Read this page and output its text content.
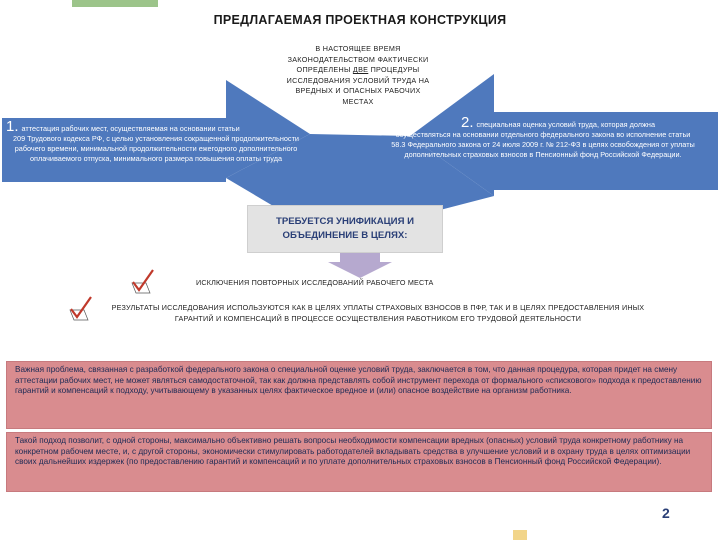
ПРЕДЛАГАЕМАЯ ПРОЕКТНАЯ КОНСТРУКЦИЯ
В НАСТОЯЩЕЕ ВРЕМЯ
ЗАКОНОДАТЕЛЬСТВОМ ФАКТИЧЕСКИ
ОПРЕДЕЛЕНЫ ДВЕ ПРОЦЕДУРЫ
ИССЛЕДОВАНИЯ УСЛОВИЙ ТРУДА НА
ВРЕДНЫХ И ОПАСНЫХ РАБОЧИХ
МЕСТАХ
1. аттестация рабочих мест, осуществляемая на основании статьи
209 Трудового кодекса РФ, с целью установления сокращенной продолжительности рабочего времени, минимальной продолжительности ежегодного дополнительного оплачиваемого отпуска, минимального размера повышения оплаты труда
2. специальная оценка условий труда, которая должна
осуществляться на основании отдельного федерального закона во исполнение статьи 58.3 Федерального закона от 24 июля 2009 г. № 212-ФЗ в целях освобождения от уплаты дополнительных страховых взносов в Пенсионный фонд Российской Федерации.
ТРЕБУЕТСЯ УНИФИКАЦИЯ И
ОБЪЕДИНЕНИЕ В ЦЕЛЯХ:
ИСКЛЮЧЕНИЯ ПОВТОРНЫХ ИССЛЕДОВАНИЙ РАБОЧЕГО МЕСТА
РЕЗУЛЬТАТЫ ИССЛЕДОВАНИЯ ИСПОЛЬЗУЮТСЯ КАК В ЦЕЛЯХ УПЛАТЫ СТРАХОВЫХ ВЗНОСОВ В ПФР, ТАК И В ЦЕЛЯХ ПРЕДОСТАВЛЕНИЯ ИНЫХ ГАРАНТИЙ И КОМПЕНСАЦИЙ В ПРОЦЕССЕ ОСУЩЕСТВЛЕНИЯ РАБОТНИКОМ ЕГО ТРУДОВОЙ ДЕЯТЕЛЬНОСТИ
Важная проблема, связанная с разработкой федерального закона о специальной оценке условий труда, заключается в том, что данная процедура, которая придет на смену аттестации рабочих мест, не может являться самодостаточной, так как должна представлять собой инструмент перехода от формального «спискового» подхода к предоставлению гарантий и компенсаций к подходу, учитывающему в указанных целях фактическое вредное и (или) опасное воздействие на организм работника.
Такой подход позволит, с одной стороны, максимально объективно решать вопросы необходимости компенсации вредных (опасных) условий труда конкретному работнику на конкретном рабочем месте, и, с другой стороны, экономически стимулировать работодателей вкладывать средства в улучшение условий и в охрану труда в целях оптимизации своих дальнейших издержек (по предоставлению гарантий и компенсаций и по уплате дополнительных страховых взносов в Пенсионный фонд Российской Федерации).
2
